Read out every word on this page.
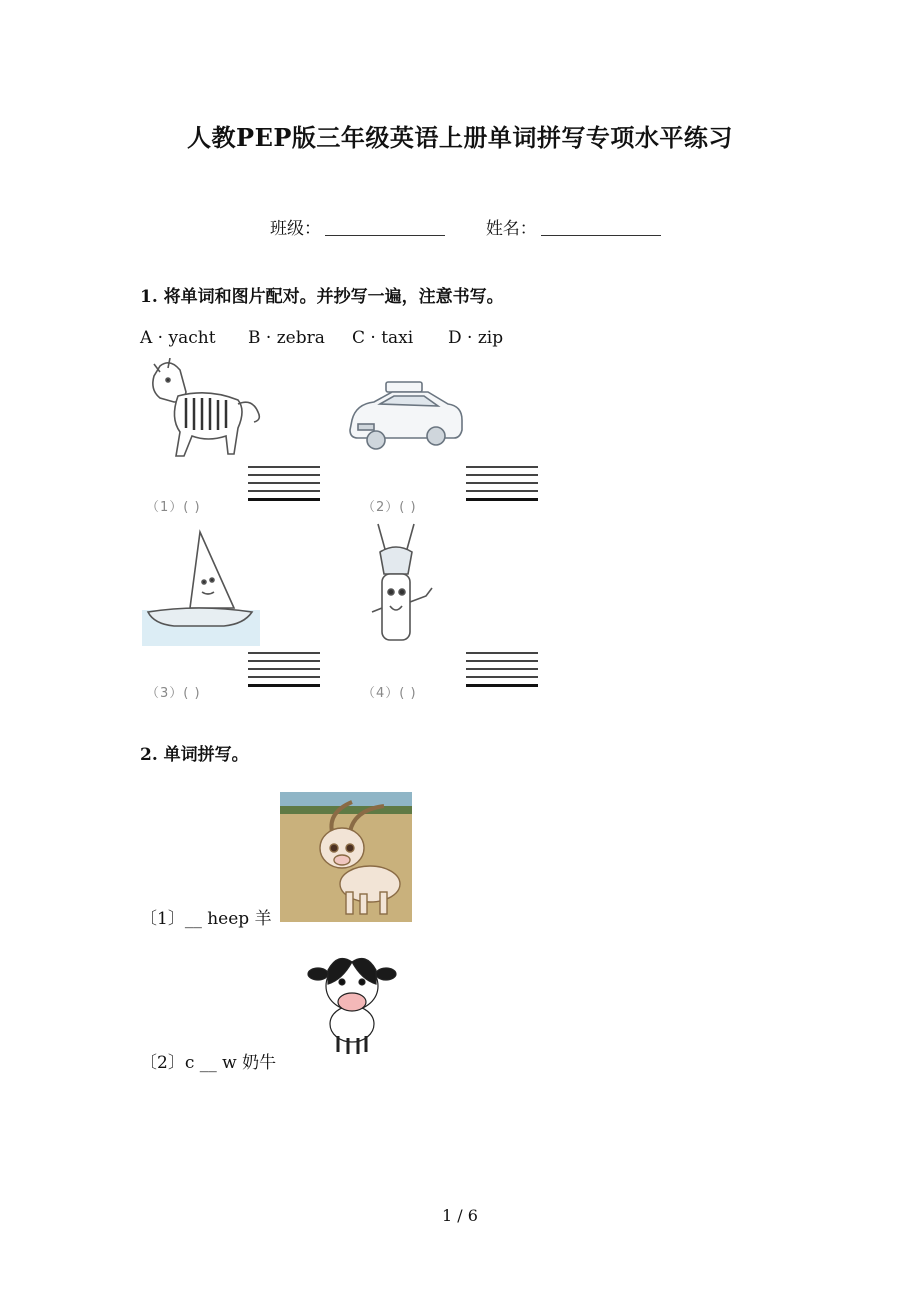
人教PEP版三年级英语上册单词拼写专项水平练习
班级：	姓名：
1. 将单词和图片配对。并抄写一遍，注意书写。
A · yacht B · zebra C · taxi D · zip
（1）( )	（2）( )
（3）( )	（4）( )
2. 单词拼写。
〔1〕__ heep 羊
〔2〕c __ w 奶牛
1 / 6
